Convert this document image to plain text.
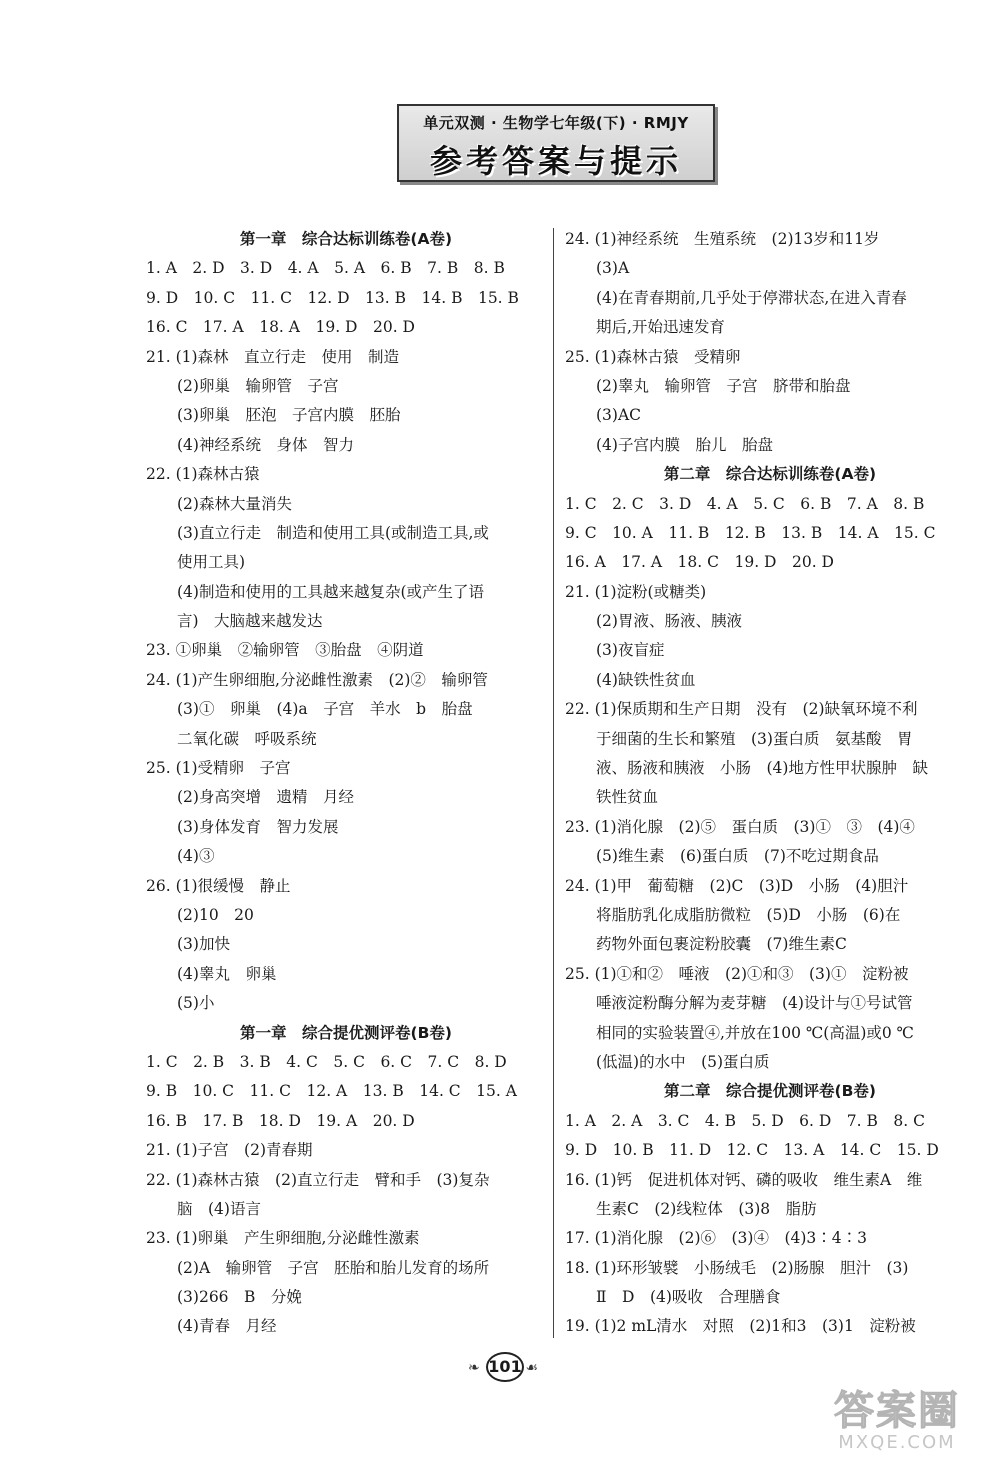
单元双测 · 生物学七年级(下) · RMJY
参考答案与提示
第一章　综合达标训练卷(A卷)
1. A　2. D　3. D　4. A　5. A　6. B　7. B　8. B
9. D　10. C　11. C　12. D　13. B　14. B　15. B
16. C　17. A　18. A　19. D　20. D
21. (1)森林　直立行走　使用　制造
　　(2)卵巢　输卵管　子宫
　　(3)卵巢　胚泡　子宫内膜　胚胎
　　(4)神经系统　身体　智力
22. (1)森林古猿
　　(2)森林大量消失
　　(3)直立行走　制造和使用工具(或制造工具,或
　　使用工具)
　　(4)制造和使用的工具越来越复杂(或产生了语
　　言)　大脑越来越发达
23. ①卵巢　②输卵管　③胎盘　④阴道
24. (1)产生卵细胞,分泌雌性激素　(2)②　输卵管
　　(3)①　卵巢　(4)a　子宫　羊水　b　胎盘
　　二氧化碳　呼吸系统
25. (1)受精卵　子宫
　　(2)身高突增　遗精　月经
　　(3)身体发育　智力发展
　　(4)③
26. (1)很缓慢　静止
　　(2)10　20
　　(3)加快
　　(4)睾丸　卵巢
　　(5)小
第一章　综合提优测评卷(B卷)
1. C　2. B　3. B　4. C　5. C　6. C　7. C　8. D
9. B　10. C　11. C　12. A　13. B　14. C　15. A
16. B　17. B　18. D　19. A　20. D
21. (1)子宫　(2)青春期
22. (1)森林古猿　(2)直立行走　臂和手　(3)复杂
　　脑　(4)语言
23. (1)卵巢　产生卵细胞,分泌雌性激素
　　(2)A　输卵管　子宫　胚胎和胎儿发育的场所
　　(3)266　B　分娩
　　(4)青春　月经
24. (1)神经系统　生殖系统　(2)13岁和11岁
　　(3)A
　　(4)在青春期前,几乎处于停滞状态,在进入青春
　　期后,开始迅速发育
25. (1)森林古猿　受精卵
　　(2)睾丸　输卵管　子宫　脐带和胎盘
　　(3)AC
　　(4)子宫内膜　胎儿　胎盘
第二章　综合达标训练卷(A卷)
1. C　2. C　3. D　4. A　5. C　6. B　7. A　8. B
9. C　10. A　11. B　12. B　13. B　14. A　15. C
16. A　17. A　18. C　19. D　20. D
21. (1)淀粉(或糖类)
　　(2)胃液、肠液、胰液
　　(3)夜盲症
　　(4)缺铁性贫血
22. (1)保质期和生产日期　没有　(2)缺氧环境不利
　　于细菌的生长和繁殖　(3)蛋白质　氨基酸　胃
　　液、肠液和胰液　小肠　(4)地方性甲状腺肿　缺
　　铁性贫血
23. (1)消化腺　(2)⑤　蛋白质　(3)①　③　(4)④
　　(5)维生素　(6)蛋白质　(7)不吃过期食品
24. (1)甲　葡萄糖　(2)C　(3)D　小肠　(4)胆汁
　　将脂肪乳化成脂肪微粒　(5)D　小肠　(6)在
　　药物外面包裹淀粉胶囊　(7)维生素C
25. (1)①和②　唾液　(2)①和③　(3)①　淀粉被
　　唾液淀粉酶分解为麦芽糖　(4)设计与①号试管
　　相同的实验装置④,并放在100 ℃(高温)或0 ℃
　　(低温)的水中　(5)蛋白质
第二章　综合提优测评卷(B卷)
1. A　2. A　3. C　4. B　5. D　6. D　7. B　8. C
9. D　10. B　11. D　12. C　13. A　14. C　15. D
16. (1)钙　促进机体对钙、磷的吸收　维生素A　维
　　生素C　(2)线粒体　(3)8　脂肪
17. (1)消化腺　(2)⑥　(3)④　(4)3∶4∶3
18. (1)环形皱襞　小肠绒毛　(2)肠腺　胆汁　(3)
　　Ⅱ　D　(4)吸收　合理膳食
19. (1)2 mL清水　对照　(2)1和3　(3)1　淀粉被
❧ 101 ☙
答案圈
MXQE.COM
